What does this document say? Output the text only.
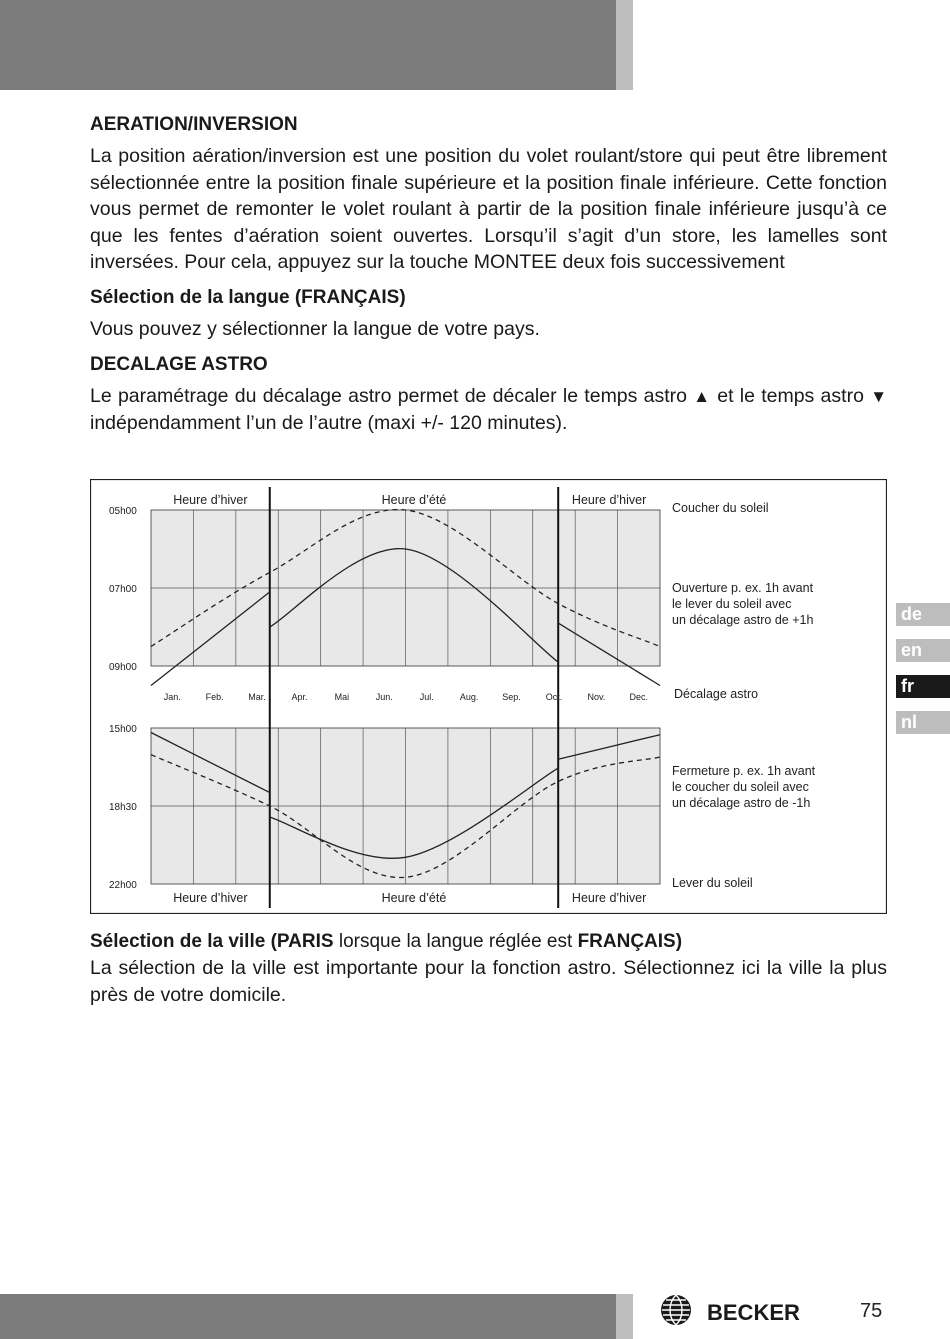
AERATION/INVERSION

La position aération/inversion est une position du volet roulant/store qui peut être librement sélectionnée entre la position finale supérieure et la position finale inférieure. Cette fonction vous permet de remonter le volet roulant à partir de la position finale inférieure jusqu’à ce que les fentes d’aération soient ouvertes. Lorsqu’il s’agit d’un store, les lamelles sont inversées. Pour cela, appuyez sur la touche MONTEE deux fois successivement

Sélection de la langue (FRANÇAIS)

Vous pouvez y sélectionner la langue de votre pays.

DECALAGE ASTRO

Le paramétrage du décalage astro permet de décaler le temps astro ▲ et le temps astro ▼ indépendamment l’un de l’autre (maxi +/- 120 minutes).

05h00
07h00
09h00
15h00
18h30
22h00
Jan.	Feb.	Mar.	Apr.	Mai	Jun.	Jul.	Aug.	Sep.	Oct.	Nov.	Dec.
Heure d’hiver	Heure d’été	Heure d’hiver
Heure d’hiver	Heure d’été	Heure d’hiver
Coucher du soleil
Ouverture p. ex. 1h avant
le lever du soleil avec
un décalage astro de +1h
Décalage astro
Fermeture p. ex. 1h avant
le coucher du soleil avec
un décalage astro de -1h
Lever du soleil
Sélection de la ville (PARIS lorsque la langue réglée est FRANÇAIS)

La sélection de la ville est importante pour la fonction astro. Sélectionnez ici la ville la plus près de votre domicile.

de
en
fr
nl
BECKER	75
